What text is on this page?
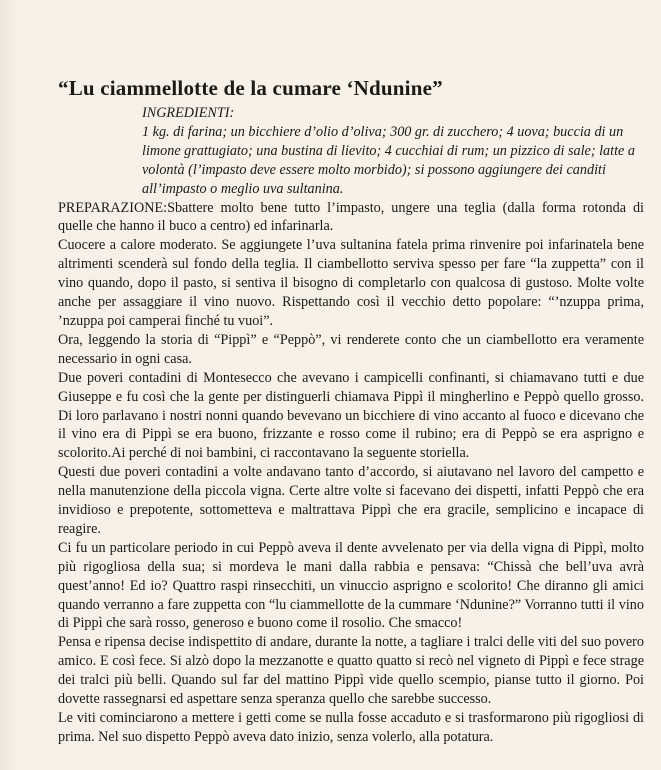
“Lu ciammellotte de la cumare ‘Ndunine”
INGREDIENTI:
1 kg. di farina; un bicchiere d’olio d’oliva; 300 gr. di zucchero; 4 uova; buccia di un limone grattugiato; una bustina di lievito; 4 cucchiai di rum; un pizzico di sale; latte a volontà (l’impasto deve essere molto morbido); si possono aggiungere dei canditi all’impasto o meglio uva sultanina.

PREPARAZIONE:Sbattere molto bene tutto l’impasto, ungere una teglia (dalla forma rotonda di quelle che hanno il buco a centro) ed infarinarla.

Cuocere a calore moderato. Se aggiungete l’uva sultanina fatela prima rinvenire poi infarinatela bene altrimenti scenderà sul fondo della teglia. Il ciambellotto serviva spesso per fare “la zuppetta” con il vino quando, dopo il pasto, si sentiva il bisogno di completarlo con qualcosa di gustoso. Molte volte anche per assaggiare il vino nuovo. Rispettando così il vecchio detto popolare: “’nzuppa prima, ’nzuppa poi camperai finché tu vuoi”.

Ora, leggendo la storia di “Pippì” e “Peppò”, vi renderete conto che un ciambellotto era veramente necessario in ogni casa.

Due poveri contadini di Montesecco che avevano i campicelli confinanti, si chiamavano tutti e due Giuseppe e fu così che la gente per distinguerli chiamava Pippì il mingherlino e Peppò quello grosso. Di loro parlavano i nostri nonni quando bevevano un bicchiere di vino accanto al fuoco e dicevano che il vino era di Pippì se era buono, frizzante e rosso come il rubino; era di Peppò se era asprigno e scolorito.Ai perché di noi bambini, ci raccontavano la seguente storiella.

Questi due poveri contadini a volte andavano tanto d’accordo, si aiutavano nel lavoro del campetto e nella manutenzione della piccola vigna. Certe altre volte si facevano dei dispetti, infatti Peppò che era invidioso e prepotente, sottometteva e maltrattava Pippì che era gracile, semplicino e incapace di reagire.

Ci fu un particolare periodo in cui Peppò aveva il dente avvelenato per via della vigna di Pippì, molto più rigogliosa della sua; si mordeva le mani dalla rabbia e pensava: “Chissà che bell’uva avrà quest’anno! Ed io? Quattro raspi rinsecchiti, un vinuccio asprigno e scolorito! Che diranno gli amici quando verranno a fare zuppetta con “lu ciammellotte de la cummare ‘Ndunine?” Vorranno tutti il vino di Pippì che sarà rosso, generoso e buono come il rosolio. Che smacco!

Pensa e ripensa decise indispettito di andare, durante la notte, a tagliare i tralci delle viti del suo povero amico. E così fece. Si alzò dopo la mezzanotte e quatto quatto si recò nel vigneto di Pippì e fece strage dei tralci più belli. Quando sul far del mattino Pippì vide quello scempio, pianse tutto il giorno. Poi dovette rassegnarsi ed aspettare senza speranza quello che sarebbe successo.

Le viti cominciarono a mettere i getti come se nulla fosse accaduto e si trasformarono più rigogliosi di prima. Nel suo dispetto Peppò aveva dato inizio, senza volerlo, alla potatura.
